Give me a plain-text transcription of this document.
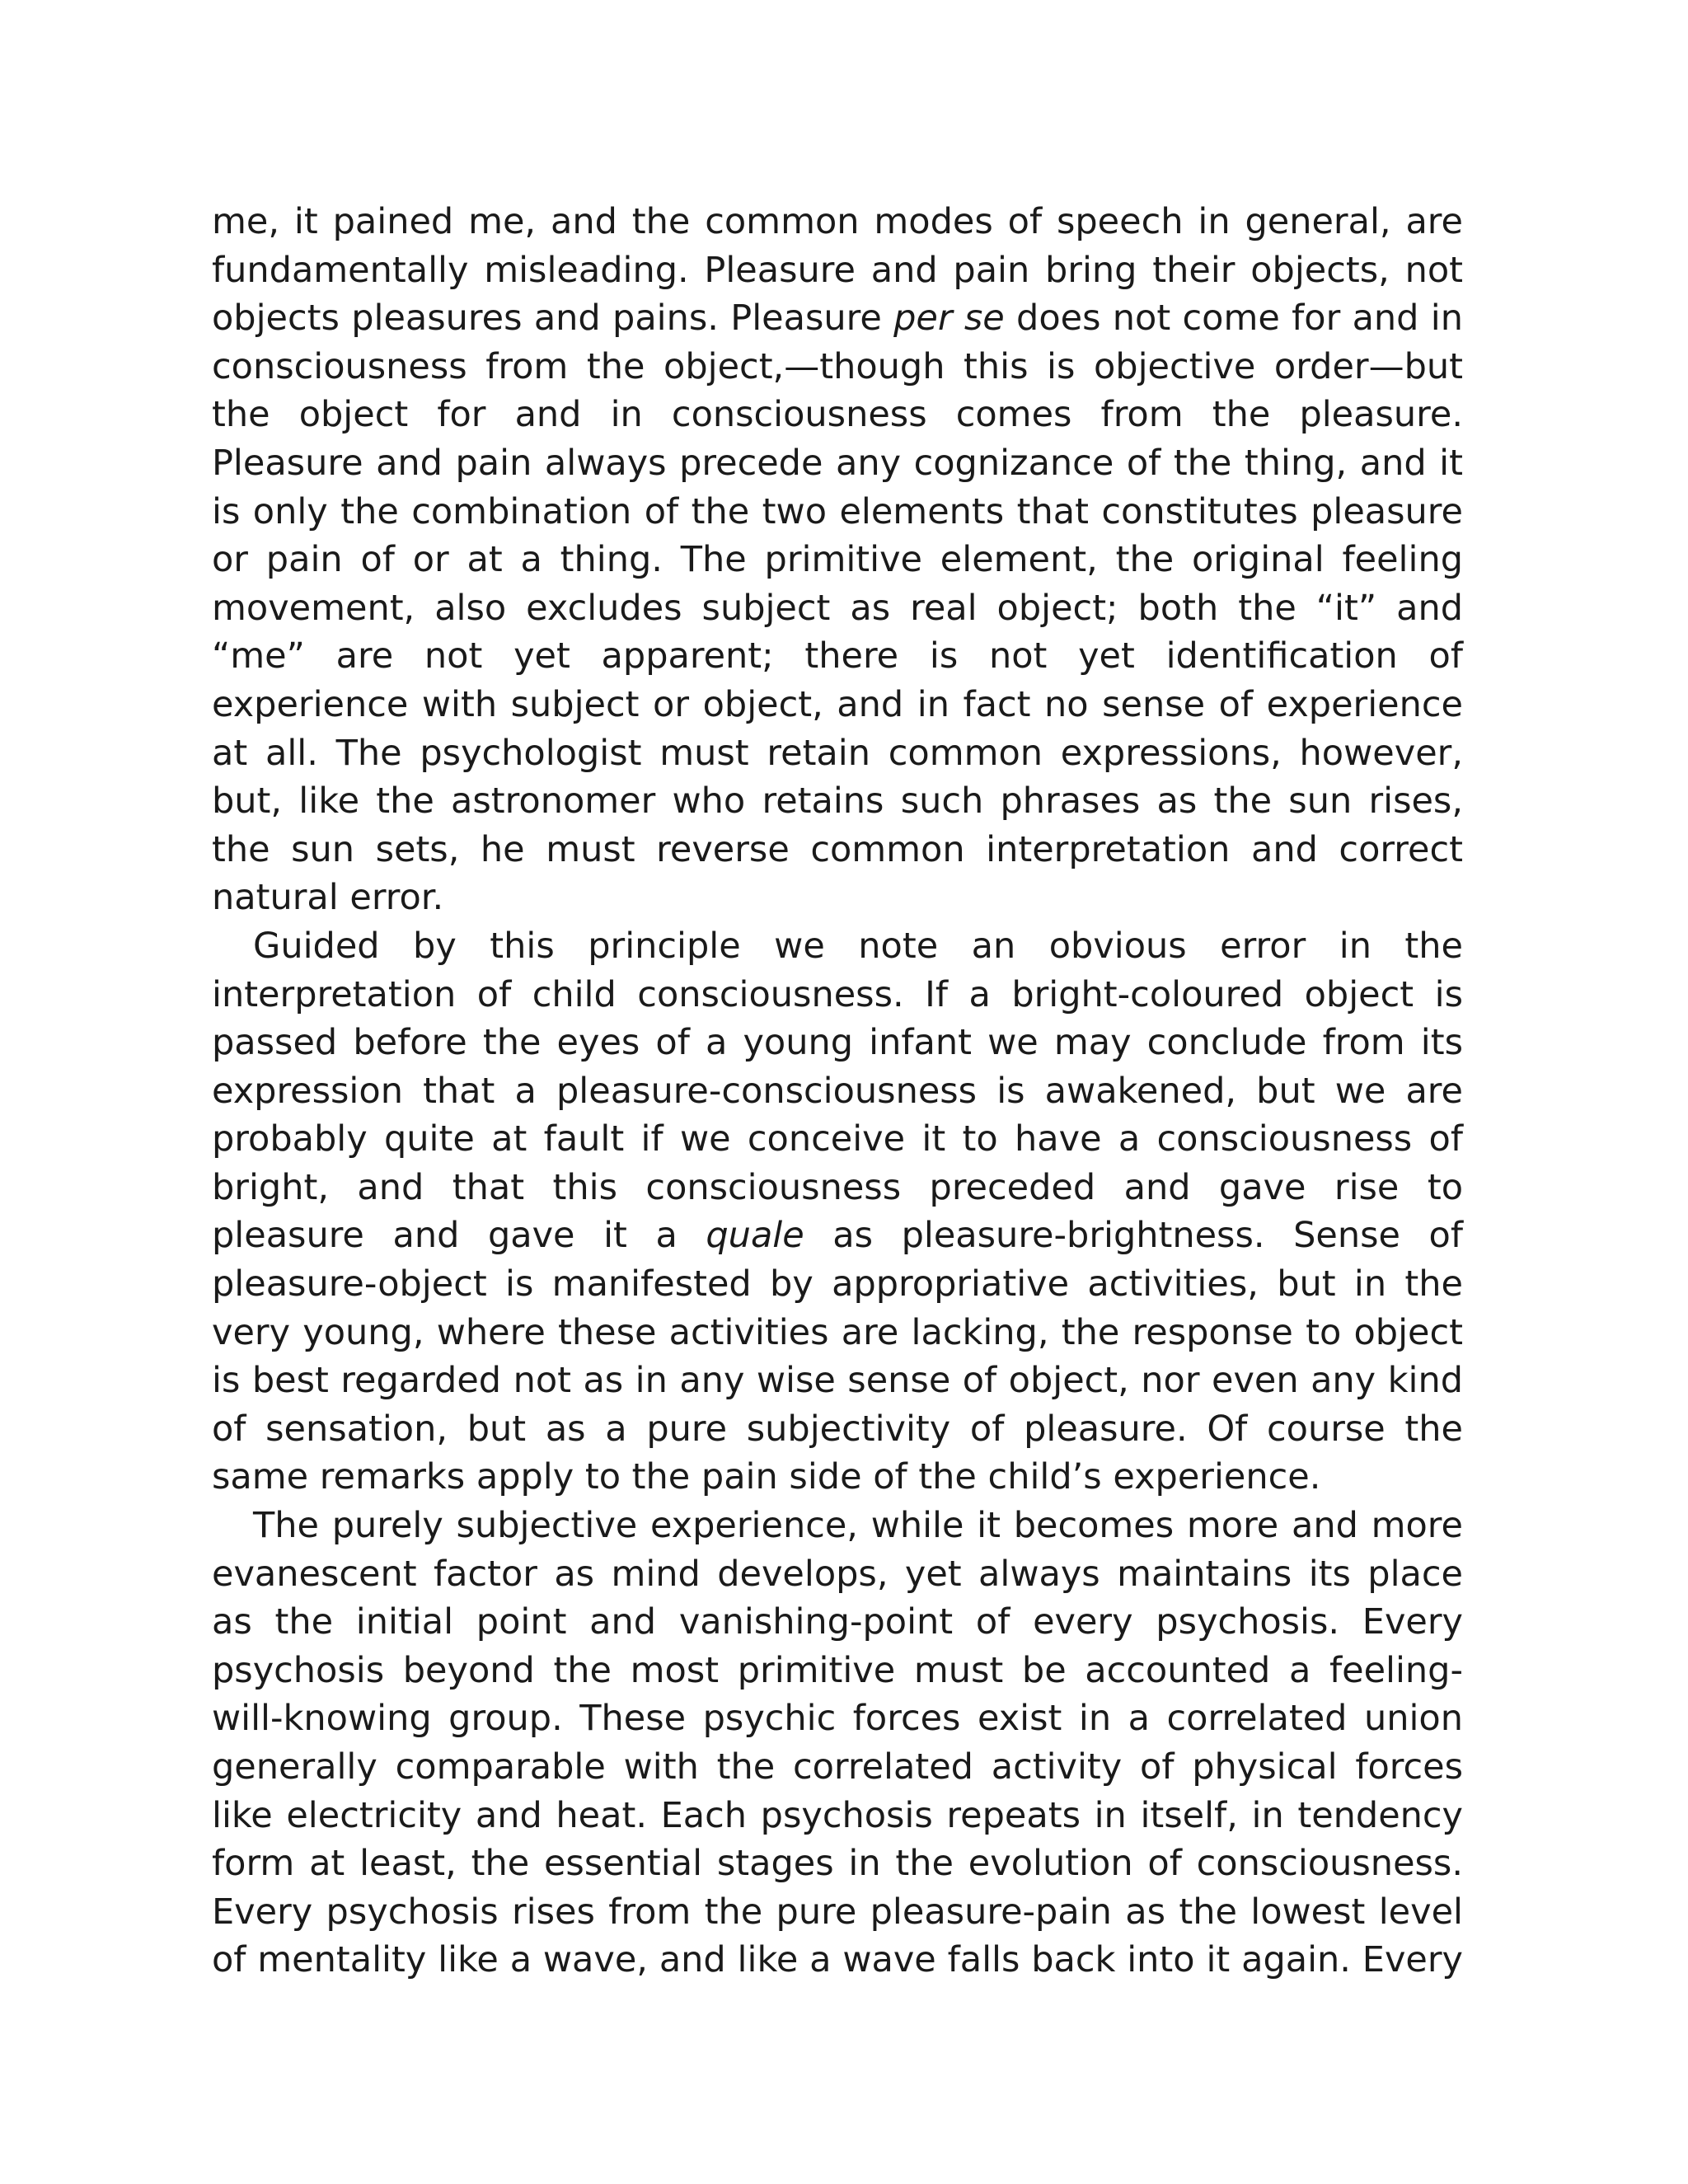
me, it pained me, and the common modes of speech in general, are fundamentally misleading. Pleasure and pain bring their objects, not objects pleasures and pains. Pleasure per se does not come for and in consciousness from the object,—though this is objective order—but the object for and in consciousness comes from the pleasure. Pleasure and pain always precede any cognizance of the thing, and it is only the combination of the two elements that constitutes pleasure or pain of or at a thing. The primitive element, the original feeling movement, also excludes subject as real object; both the “it” and “me” are not yet apparent; there is not yet identification of experience with subject or object, and in fact no sense of experience at all. The psychologist must retain common expressions, however, but, like the astronomer who retains such phrases as the sun rises, the sun sets, he must reverse common interpretation and correct natural error.

Guided by this principle we note an obvious error in the interpretation of child consciousness. If a bright-coloured object is passed before the eyes of a young infant we may conclude from its expression that a pleasure-consciousness is awakened, but we are probably quite at fault if we conceive it to have a consciousness of bright, and that this consciousness preceded and gave rise to pleasure and gave it a quale as pleasure-brightness. Sense of pleasure-object is manifested by appropriative activities, but in the very young, where these activities are lacking, the response to object is best regarded not as in any wise sense of object, nor even any kind of sensation, but as a pure subjectivity of pleasure. Of course the same remarks apply to the pain side of the child’s experience.

The purely subjective experience, while it becomes more and more evanescent factor as mind develops, yet always maintains its place as the initial point and vanishing-point of every psychosis. Every psychosis beyond the most primitive must be accounted a feeling-will-knowing group. These psychic forces exist in a correlated union generally comparable with the correlated activity of physical forces like electricity and heat. Each psychosis repeats in itself, in tendency form at least, the essential stages in the evolution of consciousness. Every psychosis rises from the pure pleasure-pain as the lowest level of mentality like a wave, and like a wave falls back into it again. Every
